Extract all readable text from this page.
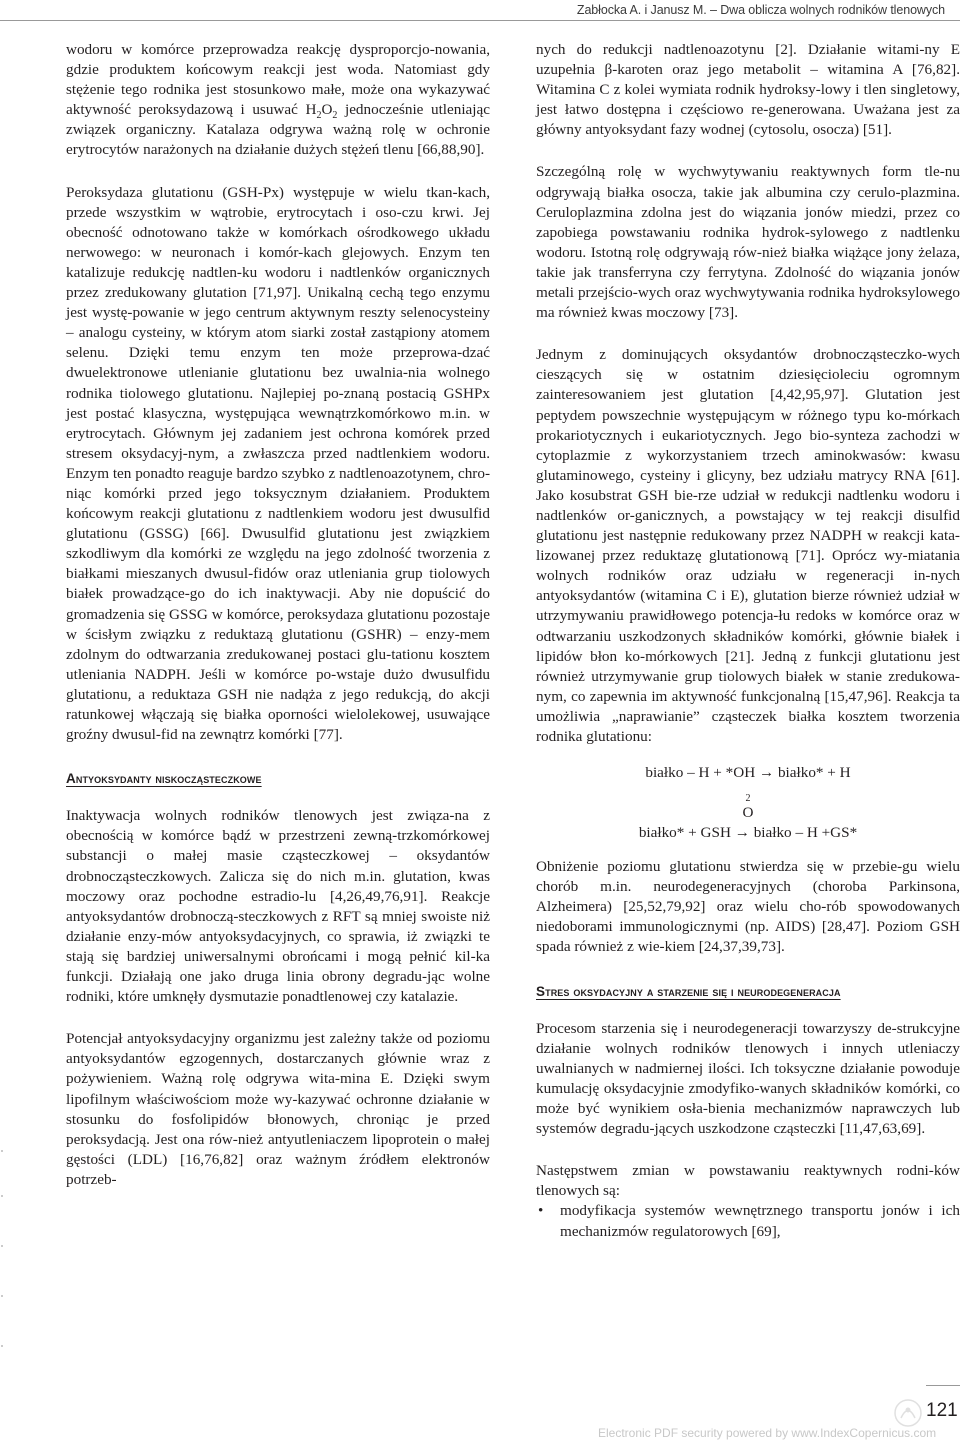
Zabłocka A. i Janusz M. – Dwa oblicza wolnych rodników tlenowych

wodoru w komórce przeprowadza reakcję dysproporcjo-nowania, gdzie produktem końcowym reakcji jest woda. Natomiast gdy stężenie tego rodnika jest stosunkowo małe, może ona wykazywać aktywność peroksydazową i usuwać $H_2O_2$ jednocześnie utleniając związek organiczny. Katalaza odgrywa ważną rolę w ochronie erytrocytów narażonych na działanie dużych stężeń tlenu [66,88,90].

Peroksydaza glutationu (GSH-Px) występuje w wielu tkan-kach, przede wszystkim w wątrobie, erytrocytach i oso-czu krwi. Jej obecność odnotowano także w komórkach ośrodkowego układu nerwowego: w neuronach i komór-kach glejowych. Enzym ten katalizuje redukcję nadtlen-ku wodoru i nadtlenków organicznych przez zredukowany glutation [71,97]. Unikalną cechą tego enzymu jest wystę-powanie w jego centrum aktywnym reszty selenocysteiny – analogu cysteiny, w którym atom siarki został zastąpiony atomem selenu. Dzięki temu enzym ten może przeprowa-dzać dwuelektronowe utlenianie glutationu bez uwalnia-nia wolnego rodnika tiolowego glutationu. Najlepiej po-znaną postacią GSHPx jest postać klasyczna, występująca wewnątrzkomórkowo m.in. w erytrocytach. Głównym jej zadaniem jest ochrona komórek przed stresem oksydacyj-nym, a zwłaszcza przed nadtlenkiem wodoru. Enzym ten ponadto reaguje bardzo szybko z nadtlenoazotynem, chro-niąc komórki przed jego toksycznym działaniem. Produktem końcowym reakcji glutationu z nadtlenkiem wodoru jest dwusulfid glutationu (GSSG) [66]. Dwusulfid glutationu jest związkiem szkodliwym dla komórki ze względu na jego zdolność tworzenia z białkami mieszanych dwusul-fidów oraz utleniania grup tiolowych białek prowadzące-go do ich inaktywacji. Aby nie dopuścić do gromadzenia się GSSG w komórce, peroksydaza glutationu pozostaje w ścisłym związku z reduktazą glutationu (GSHR) – enzy-mem zdolnym do odtwarzania zredukowanej postaci glu-tationu kosztem utleniania NADPH. Jeśli w komórce po-wstaje dużo dwusulfidu glutationu, a reduktaza GSH nie nadąża z jego redukcją, do akcji ratunkowej włączają się białka oporności wielolekowej, usuwające groźny dwusul-fid na zewnątrz komórki [77].

Antyoksydanty niskocząsteczkowe

Inaktywacja wolnych rodników tlenowych jest związa-na z obecnością w komórce bądź w przestrzeni zewną-trzkomórkowej substancji o małej masie cząsteczkowej – oksydantów drobnocząsteczkowych. Zalicza się do nich m.in. glutation, kwas moczowy oraz pochodne estradio-lu [4,26,49,76,91]. Reakcje antyoksydantów drobnoczą-steczkowych z RFT są mniej swoiste niż działanie enzy-mów antyoksydacyjnych, co sprawia, iż związki te stają się bardziej uniwersalnymi obrońcami i mogą pełnić kil-ka funkcji. Działają one jako druga linia obrony degradu-jąc wolne rodniki, które umknęły dysmutazie ponadtlenowej czy katalazie.

Potencjał antyoksydacyjny organizmu jest zależny także od poziomu antyoksydantów egzogennych, dostarczanych głównie wraz z pożywieniem. Ważną rolę odgrywa wita-mina E. Dzięki swym lipofilnym właściwościom może wy-kazywać ochronne działanie w stosunku do fosfolipidów błonowych, chroniąc je przed peroksydacją. Jest ona rów-nież antyutleniaczem lipoprotein o małej gęstości (LDL) [16,76,82] oraz ważnym źródłem elektronów potrzeb-

nych do redukcji nadtlenoazotynu [2]. Działanie witami-ny E uzupełnia β-karoten oraz jego metabolit – witamina A [76,82]. Witamina C z kolei wymiata rodnik hydroksy-lowy i tlen singletowy, jest łatwo dostępna i częściowo re-generowana. Uważana jest za główny antyoksydant fazy wodnej (cytosolu, osocza) [51].

Szczególną rolę w wychwytywaniu reaktywnych form tle-nu odgrywają białka osocza, takie jak albumina czy cerulo-plazmina. Ceruloplazmina zdolna jest do wiązania jonów miedzi, przez co zapobiega powstawaniu rodnika hydrok-sylowego z nadtlenku wodoru. Istotną rolę odgrywają rów-nież białka wiążące jony żelaza, takie jak transferryna czy ferrytyna. Zdolność do wiązania jonów metali przejścio-wych oraz wychwytywania rodnika hydroksylowego ma również kwas moczowy [73].

Jednym z dominujących oksydantów drobnocząsteczko-wych cieszących się w ostatnim dziesięcioleciu ogromnym zainteresowaniem jest glutation [4,42,95,97]. Glutation jest peptydem powszechnie występującym w różnego typu ko-mórkach prokariotycznych i eukariotycznych. Jego bio-synteza zachodzi w cytoplazmie z wykorzystaniem trzech aminokwasów: kwasu glutaminowego, cysteiny i glicyny, bez udziału matrycy RNA [61]. Jako kosubstrat GSH bie-rze udział w redukcji nadtlenku wodoru i nadtlenków or-ganicznych, a powstający w tej reakcji disulfid glutationu jest następnie redukowany przez NADPH w reakcji kata-lizowanej przez reduktazę glutationową [71]. Oprócz wy-miatania wolnych rodników oraz udziału w regeneracji in-nych antyoksydantów (witamina C i E), glutation bierze również udział w utrzymywaniu prawidłowego potencja-łu redoks w komórce oraz w odtwarzaniu uszkodzonych składników komórki, głównie białek i lipidów błon ko-mórkowych [21]. Jedną z funkcji glutationu jest również utrzymywanie grup tiolowych białek w stanie zredukowa-nym, co zapewnia im aktywność funkcjonalną [15,47,96]. Reakcja ta umożliwia „naprawianie” cząsteczek białka kosztem tworzenia rodnika glutationu:

białko – H + *OH → białko* + H
$_2$
O
białko* + GSH → białko – H +GS*

Obniżenie poziomu glutationu stwierdza się w przebie-gu wielu chorób m.in. neurodegeneracyjnych (choroba Parkinsona, Alzheimera) [25,52,79,92] oraz wielu cho-rób spowodowanych niedoborami immunologicznymi (np. AIDS) [28,47]. Poziom GSH spada również z wie-kiem [24,37,39,73].

Stres oksydacyjny a starzenie się i neurodegeneracja

Procesom starzenia się i neurodegeneracji towarzyszy de-strukcyjne działanie wolnych rodników tlenowych i innych utleniaczy uwalnianych w nadmiernej ilości. Ich toksyczne działanie powoduje kumulację oksydacyjnie zmodyfiko-wanych składników komórki, co może być wynikiem osła-bienia mechanizmów naprawczych lub systemów degradu-jących uszkodzone cząsteczki [11,47,63,69].

Następstwem zmian w powstawaniu reaktywnych rodni-ków tlenowych są:

• modyfikacja systemów wewnętrznego transportu jonów i ich mechanizmów regulatorowych [69],
121
Electronic PDF security powered by www.IndexCopernicus.com
